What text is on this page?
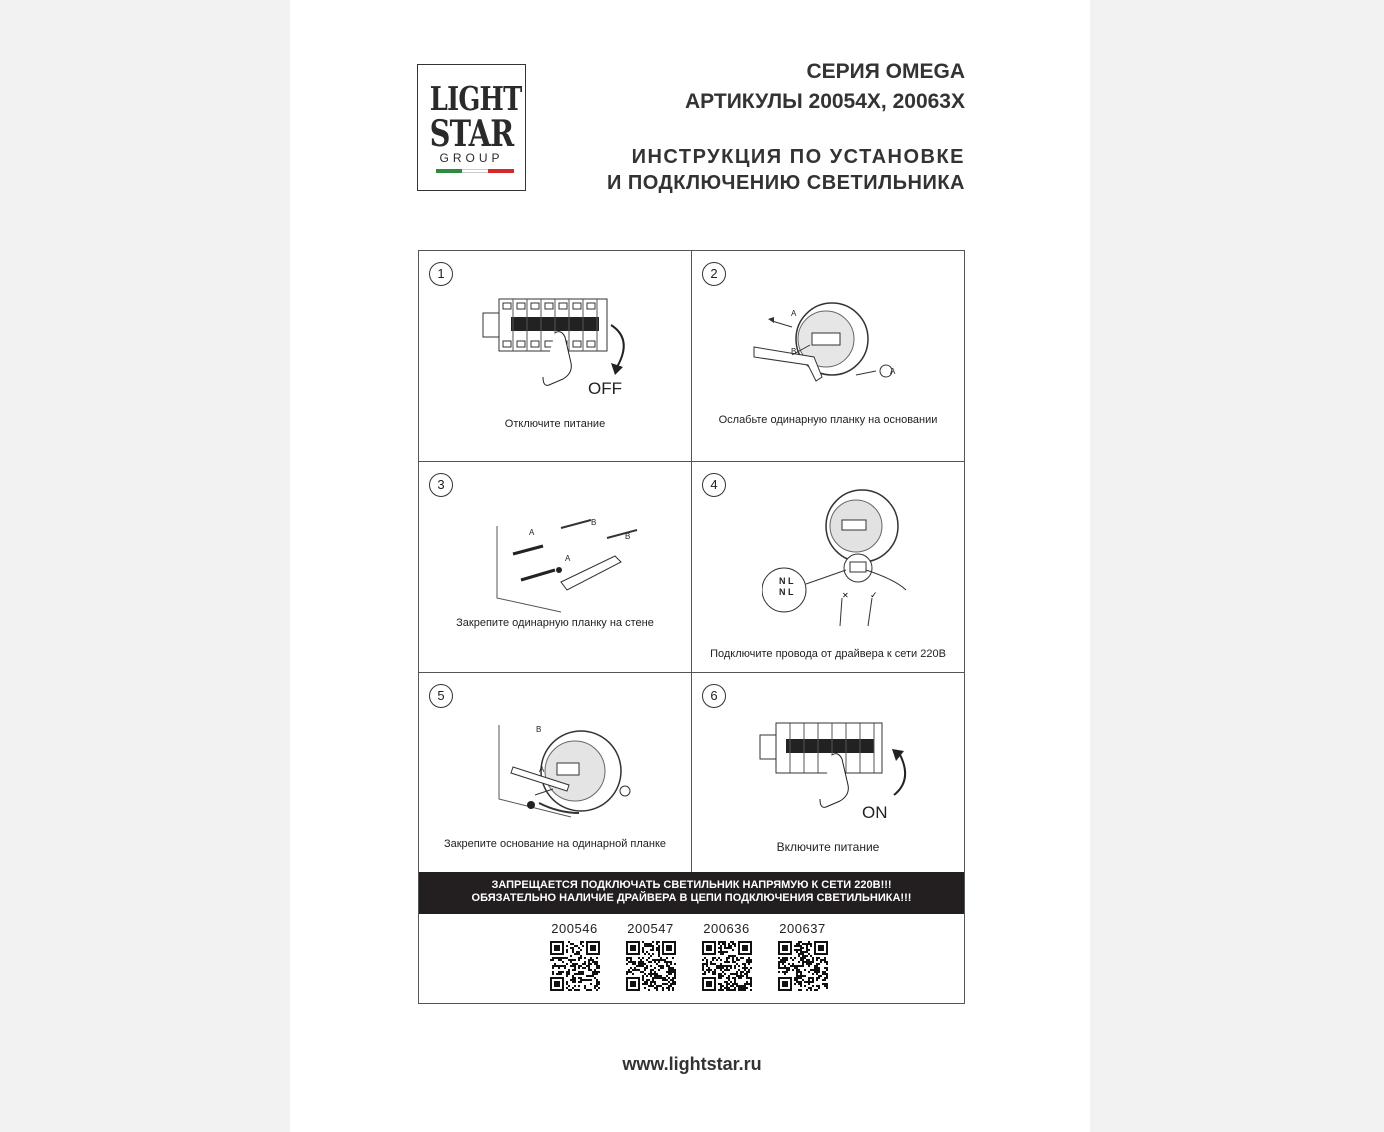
LIGHT
STAR
GROUP
СЕРИЯ OMEGA
АРТИКУЛЫ 20054X, 20063X
ИНСТРУКЦИЯ ПО УСТАНОВКЕ
И ПОДКЛЮЧЕНИЮ СВЕТИЛЬНИКА
1
OFF
Отключите питание
2
A
B
A
Ослабьте одинарную планку на основании
3
A
B
A
B
Закрепите одинарную планку на стене
4
✕ ✓
N L
N L
Подключите провода от драйвера к сети 220В
5
B
A
Закрепите основание на одинарной планке
6
ON
Включите питание
ЗАПРЕЩАЕТСЯ ПОДКЛЮЧАТЬ СВЕТИЛЬНИК НАПРЯМУЮ К СЕТИ 220В!!!
ОБЯЗАТЕЛЬНО НАЛИЧИЕ ДРАЙВЕРА В ЦЕПИ ПОДКЛЮЧЕНИЯ СВЕТИЛЬНИКА!!!
200546	200547	200636	200637
www.lightstar.ru
